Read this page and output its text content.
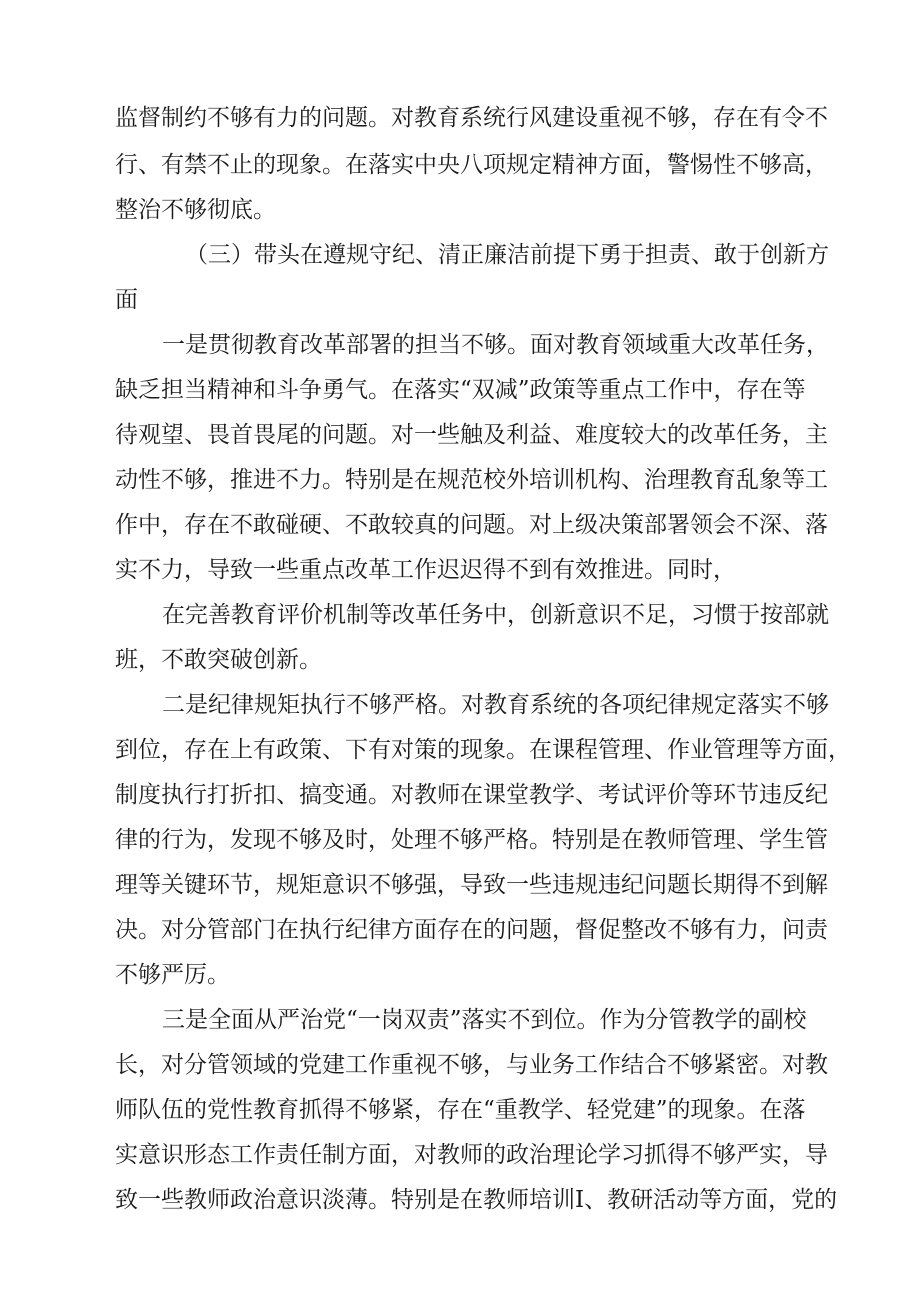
监督制约不够有力的问题。对教育系统行风建设重视不够，存在有令不

行、有禁不止的现象。在落实中央八项规定精神方面，警惕性不够高，

整治不够彻底。

（三）带头在遵规守纪、清正廉洁前提下勇于担责、敢于创新方

面

一是贯彻教育改革部署的担当不够。面对教育领域重大改革任务，

缺乏担当精神和斗争勇气。在落实“双减”政策等重点工作中，存在等

待观望、畏首畏尾的问题。对一些触及利益、难度较大的改革任务，主

动性不够，推进不力。特别是在规范校外培训机构、治理教育乱象等工

作中，存在不敢碰硬、不敢较真的问题。对上级决策部署领会不深、落

实不力，导致一些重点改革工作迟迟得不到有效推进。同时，

在完善教育评价机制等改革任务中，创新意识不足，习惯于按部就

班，不敢突破创新。

二是纪律规矩执行不够严格。对教育系统的各项纪律规定落实不够

到位，存在上有政策、下有对策的现象。在课程管理、作业管理等方面，

制度执行打折扣、搞变通。对教师在课堂教学、考试评价等环节违反纪

律的行为，发现不够及时，处理不够严格。特别是在教师管理、学生管

理等关键环节，规矩意识不够强，导致一些违规违纪问题长期得不到解

决。对分管部门在执行纪律方面存在的问题，督促整改不够有力，问责

不够严厉。

三是全面从严治党“一岗双责”落实不到位。作为分管教学的副校

长，对分管领域的党建工作重视不够，与业务工作结合不够紧密。对教

师队伍的党性教育抓得不够紧，存在“重教学、轻党建”的现象。在落

实意识形态工作责任制方面，对教师的政治理论学习抓得不够严实，导

致一些教师政治意识淡薄。特别是在教师培训I、教研活动等方面，党的
